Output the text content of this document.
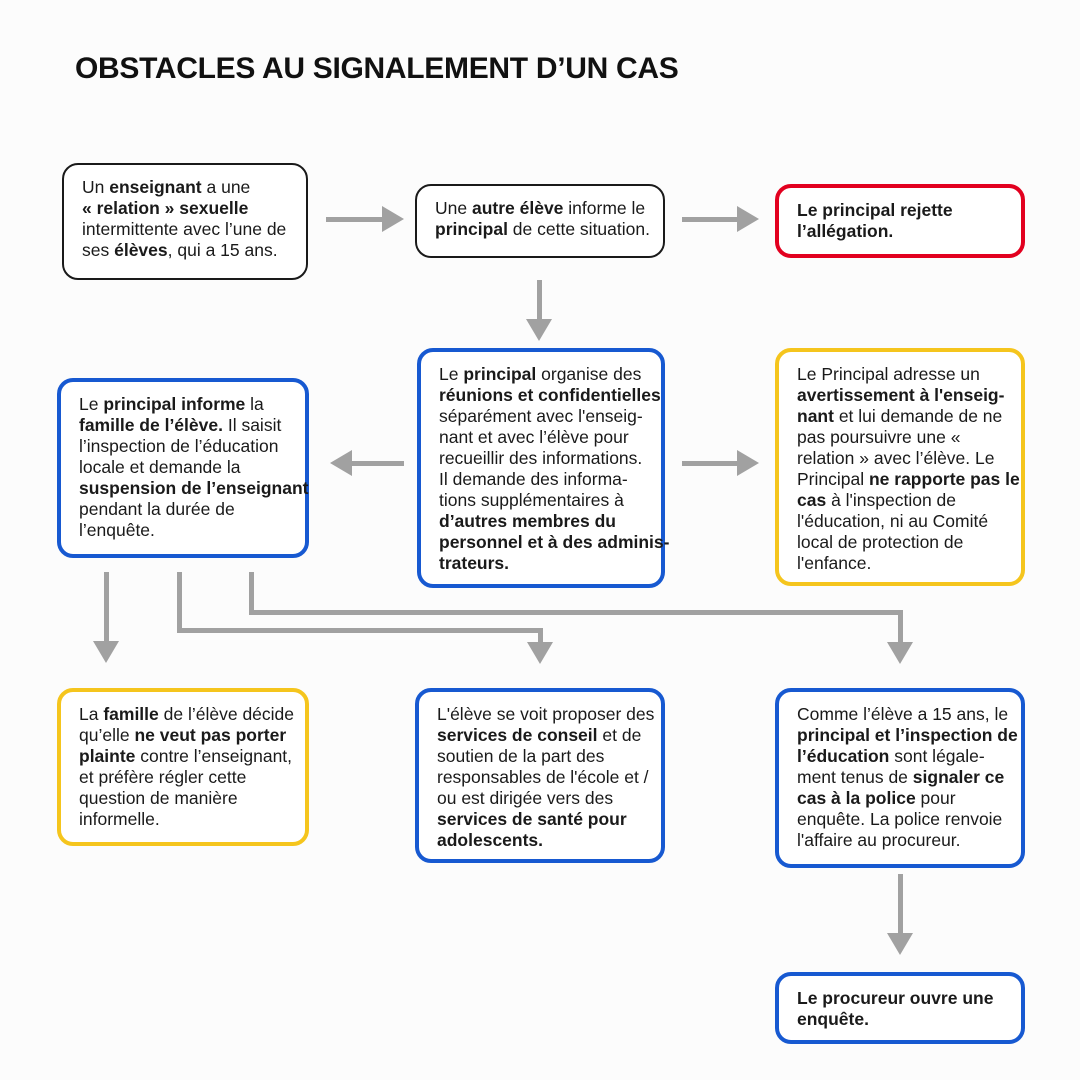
OBSTACLES AU SIGNALEMENT D’UN CAS
Un enseignant a une
« relation » sexuelle
intermittente avec l’une de
ses élèves, qui a 15 ans.
Une autre élève informe le
principal de cette situation.
Le principal rejette
l’allégation.
Le principal informe la
famille de l’élève. Il saisit
l’inspection de l’éducation
locale et demande la
suspension de l’enseignant
pendant la durée de
l’enquête.
Le principal organise des
réunions et confidentielles
séparément avec l'enseig-
nant et avec l’élève pour
recueillir des informations.
Il demande des informa-
tions supplémentaires à
d’autres membres du
personnel et à des adminis-
trateurs.
Le Principal adresse un
avertissement à l'enseig-
nant et lui demande de ne
pas poursuivre une «
relation » avec l’élève. Le
Principal ne rapporte pas le
cas à l'inspection de
l'éducation, ni au Comité
local de protection de
l'enfance.
La famille de l’élève décide
qu’elle ne veut pas porter
plainte contre l’enseignant,
et préfère régler cette
question de manière
informelle.
L'élève se voit proposer des
services de conseil et de
soutien de la part des
responsables de l'école et /
ou est dirigée vers des
services de santé pour
adolescents.
Comme l’élève a 15 ans, le
principal et l’inspection de
l’éducation sont légale-
ment tenus de signaler ce
cas à la police pour
enquête. La police renvoie
l'affaire au procureur.
Le procureur ouvre une
enquête.
